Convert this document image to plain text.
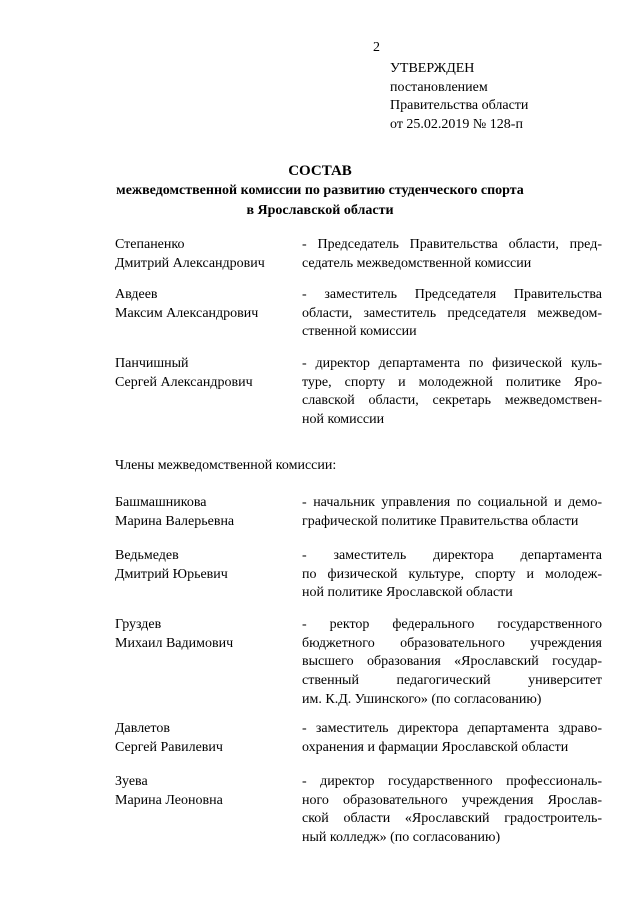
2
УТВЕРЖДЕН
постановлением
Правительства области
от 25.02.2019 № 128-п
СОСТАВ
межведомственной комиссии по развитию студенческого спорта
в Ярославской области
Степаненко
Дмитрий Александрович
- Председатель Правительства области, пред-
седатель межведомственной комиссии
Авдеев
Максим Александрович
- заместитель Председателя Правительства
области, заместитель председателя межведом-
ственной комиссии
Панчишный
Сергей Александрович
- директор департамента по физической куль-
туре, спорту и молодежной политике Яро-
славской области, секретарь межведомствен-
ной комиссии
Члены межведомственной комиссии:
Башмашникова
Марина Валерьевна
- начальник управления по социальной и демо-
графической политике Правительства области
Ведьмедев
Дмитрий Юрьевич
- заместитель директора департамента
по физической культуре, спорту и молодеж-
ной политике Ярославской области
Груздев
Михаил Вадимович
- ректор федерального государственного
бюджетного образовательного учреждения
высшего образования «Ярославский государ-
ственный педагогический университет
им. К.Д. Ушинского» (по согласованию)
Давлетов
Сергей Равилевич
- заместитель директора департамента здраво-
охранения и фармации Ярославской области
Зуева
Марина Леоновна
- директор государственного профессиональ-
ного образовательного учреждения Ярослав-
ской области «Ярославский градостроитель-
ный колледж» (по согласованию)
